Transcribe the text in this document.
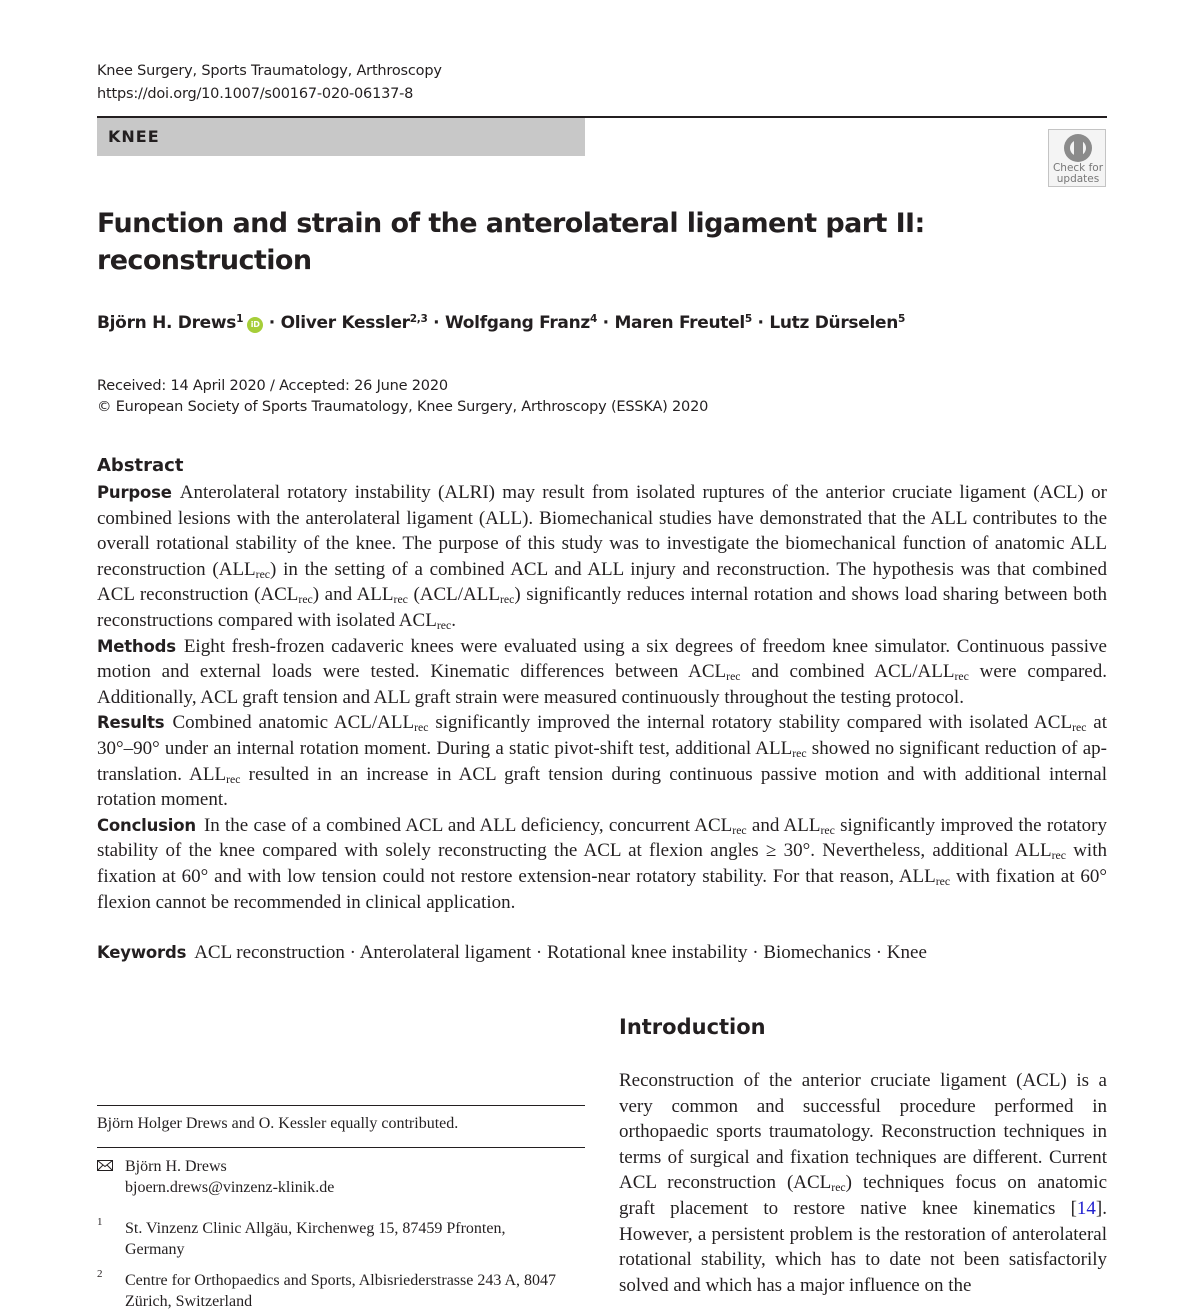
Knee Surgery, Sports Traumatology, Arthroscopy
https://doi.org/10.1007/s00167-020-06137-8
KNEE
Check for
updates
Function and strain of the anterolateral ligament part II:
reconstruction
Björn H. Drews$^1$ iD · Oliver Kessler$^{2,3}$ · Wolfgang Franz$^4$ · Maren Freutel$^5$ · Lutz Dürselen$^5$
Received: 14 April 2020 / Accepted: 26 June 2020
© European Society of Sports Traumatology, Knee Surgery, Arthroscopy (ESSKA) 2020
Abstract

Purpose Anterolateral rotatory instability (ALRI) may result from isolated ruptures of the anterior cruciate ligament (ACL) or combined lesions with the anterolateral ligament (ALL). Biomechanical studies have demonstrated that the ALL contributes to the overall rotational stability of the knee. The purpose of this study was to investigate the biomechanical function of anatomic ALL reconstruction $(ALL_{rec})$ in the setting of a combined ACL and ALL injury and reconstruction. The hypothesis was that combined ACL reconstruction $(ACL_{rec})$ and $ALL_{rec}$ $(ACL/ALL_{rec})$ significantly reduces internal rotation and shows load sharing between both reconstructions compared with isolated $ACL_{rec}$.

Methods Eight fresh-frozen cadaveric knees were evaluated using a six degrees of freedom knee simulator. Continuous passive motion and external loads were tested. Kinematic differences between $ACL_{rec}$ and combined ACL/$ALL_{rec}$ were compared. Additionally, ACL graft tension and ALL graft strain were measured continuously throughout the testing protocol.

Results Combined anatomic ACL/$ALL_{rec}$ significantly improved the internal rotatory stability compared with isolated $ACL_{rec}$ at 30°–90° under an internal rotation moment. During a static pivot-shift test, additional $ALL_{rec}$ showed no significant reduction of ap-translation. $ALL_{rec}$ resulted in an increase in ACL graft tension during continuous passive motion and with additional internal rotation moment.

Conclusion In the case of a combined ACL and ALL deficiency, concurrent $ACL_{rec}$ and $ALL_{rec}$ significantly improved the rotatory stability of the knee compared with solely reconstructing the ACL at flexion angles ≥ 30°. Nevertheless, additional $ALL_{rec}$ with fixation at 60° and with low tension could not restore extension-near rotatory stability. For that reason, $ALL_{rec}$ with fixation at 60° flexion cannot be recommended in clinical application.

Keywords ACL reconstruction · Anterolateral ligament · Rotational knee instability · Biomechanics · Knee
Introduction

Reconstruction of the anterior cruciate ligament (ACL) is a very common and successful procedure performed in orthopaedic sports traumatology. Reconstruction techniques in terms of surgical and fixation techniques are different. Current ACL reconstruction $(ACL_{rec})$ techniques focus on anatomic graft placement to restore native knee kinematics [14]. However, a persistent problem is the restoration of anterolateral rotational stability, which has to date not been satisfactorily solved and which has a major influence on the

Björn Holger Drews and O. Kessler equally contributed.
Björn H. Drews
bjoern.drews@vinzenz-klinik.de
1 St. Vinzenz Clinic Allgäu, Kirchenweg 15, 87459 Pfronten, Germany
2 Centre for Orthopaedics and Sports, Albisriederstrasse 243 A, 8047 Zürich, Switzerland
